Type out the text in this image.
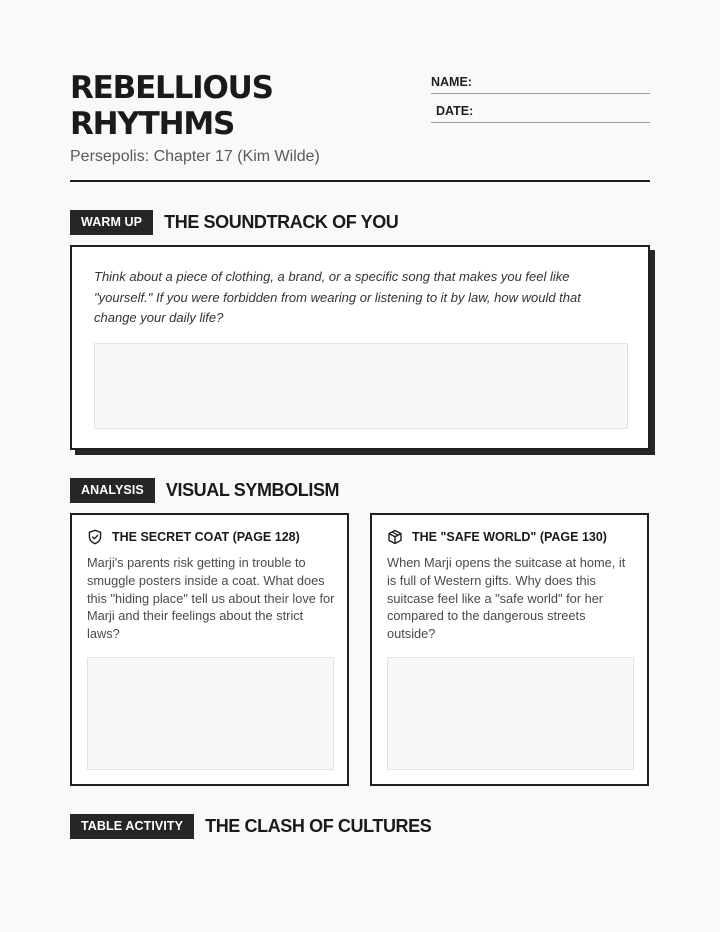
REBELLIOUS
RHYTHMS
Persepolis: Chapter 17 (Kim Wilde)
NAME:
DATE:
WARM UP	THE SOUNDTRACK OF YOU
Think about a piece of clothing, a brand, or a specific song that makes you feel like "yourself." If you were forbidden from wearing or listening to it by law, how would that change your daily life?
ANALYSIS	VISUAL SYMBOLISM
THE SECRET COAT (PAGE 128)
Marji's parents risk getting in trouble to smuggle posters inside a coat. What does this "hiding place" tell us about their love for Marji and their feelings about the strict laws?
THE "SAFE WORLD" (PAGE 130)
When Marji opens the suitcase at home, it is full of Western gifts. Why does this suitcase feel like a "safe world" for her compared to the dangerous streets outside?
TABLE ACTIVITY	THE CLASH OF CULTURES
